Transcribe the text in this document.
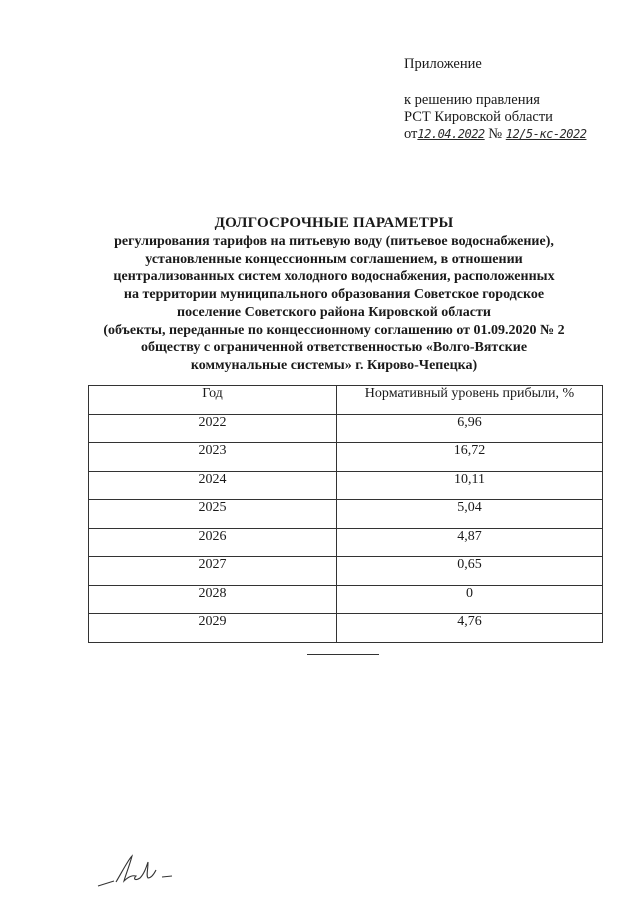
Приложение
к решению правления
РСТ Кировской области
от12.04.2022 № 12/5-кс-2022
ДОЛГОСРОЧНЫЕ ПАРАМЕТРЫ
регулирования тарифов на питьевую воду (питьевое водоснабжение),
установленные концессионным соглашением, в отношении
централизованных систем холодного водоснабжения, расположенных
на территории муниципального образования Советское городское
поселение Советского района Кировской области
(объекты, переданные по концессионному соглашению от 01.09.2020 № 2
обществу с ограниченной ответственностью «Волго-Вятские
коммунальные системы» г. Кирово-Чепецка)
Год	Нормативный уровень прибыли, %
2022	6,96
2023	16,72
2024	10,11
2025	5,04
2026	4,87
2027	0,65
2028	0
2029	4,76
